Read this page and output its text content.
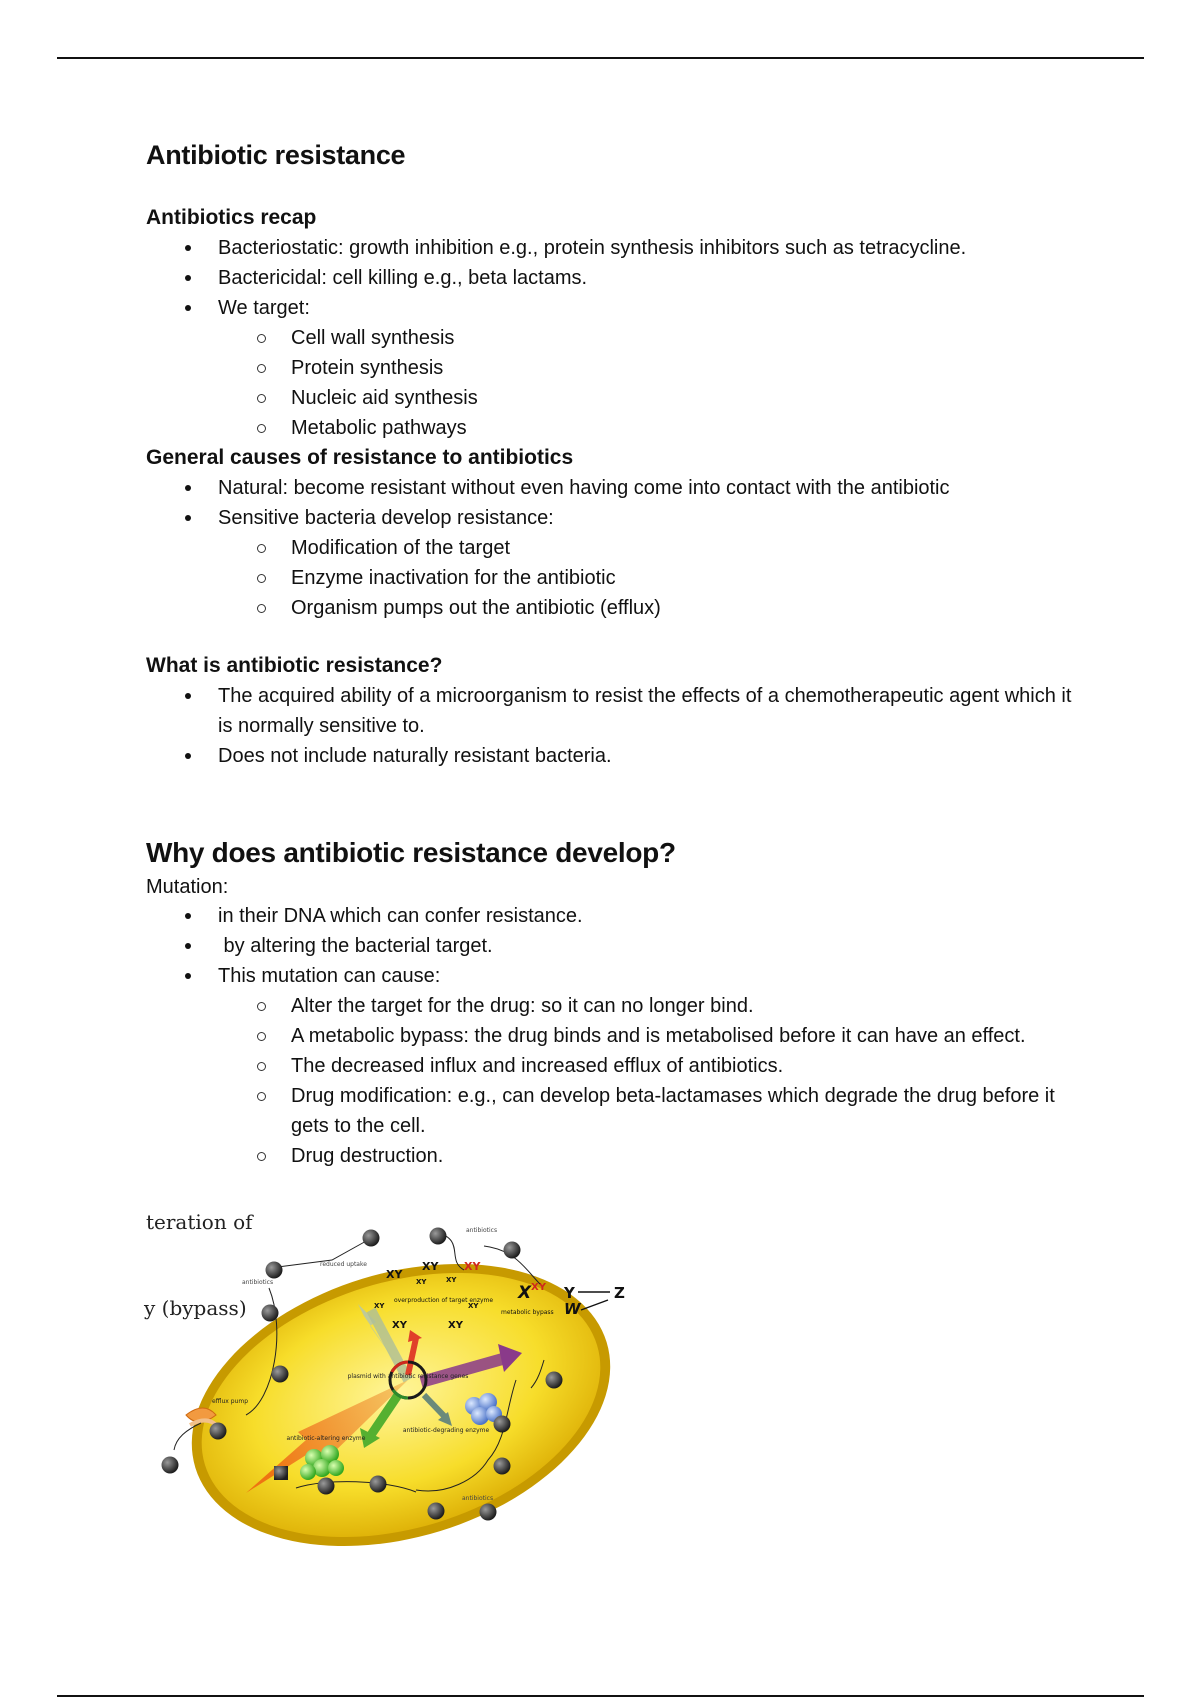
Antibiotic resistance
Antibiotics recap
Bacteriostatic: growth inhibition e.g., protein synthesis inhibitors such as tetracycline.
Bactericidal: cell killing e.g., beta lactams.
We target:
Cell wall synthesis
Protein synthesis
Nucleic aid synthesis
Metabolic pathways
General causes of resistance to antibiotics
Natural: become resistant without even having come into contact with the antibiotic
Sensitive bacteria develop resistance:
Modification of the target
Enzyme inactivation for the antibiotic
Organism pumps out the antibiotic (efflux)
What is antibiotic resistance?
The acquired ability of a microorganism to resist the effects of a chemotherapeutic agent which it is normally sensitive to.
Does not include naturally resistant bacteria.
Why does antibiotic resistance develop?

Mutation:

in their DNA which can confer resistance.
by altering the bacterial target.
This mutation can cause:
Alter the target for the drug: so it can no longer bind.
A metabolic bypass: the drug binds and is metabolised before it can have an effect.
The decreased influx and increased efflux of antibiotics.
Drug modification: e.g., can develop beta-lactamases which degrade the drug before it gets to the cell.
Drug destruction.
teration of
y (bypass)
plasmid with antibiotic resistance genes
XY
XY
XY	XY
XY	XY
XY	XY
XY
overproduction of target enzyme X XY Y	Z
W
metabolic bypass
antibiotic-altering enzyme
antibiotic-degrading enzyme
efflux pump
antibiotics
antibiotics
antibiotics
reduced uptake
